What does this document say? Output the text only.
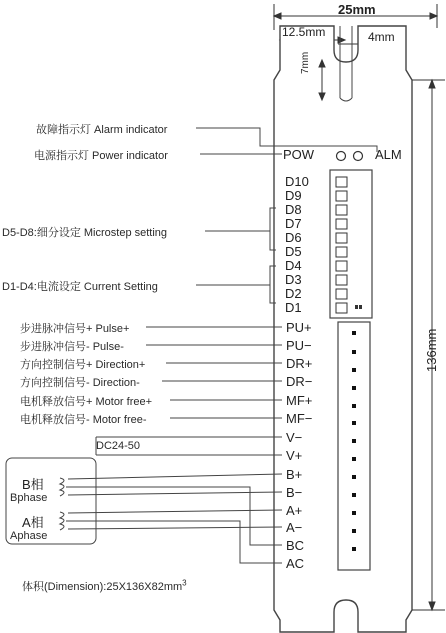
25mm
12.5mm	4mm
7mm
136mm
POW	ALM
故障指示灯 Alarm indicator
电源指示灯 Power indicator
D5-D8:细分设定 Microstep setting
D1-D4:电流设定 Current Setting
D10
D9
D8
D7
D6
D5
D4
D3
D2
D1
步进脉冲信号+ Pulse+
步进脉冲信号- Pulse-
方向控制信号+ Direction+
方向控制信号- Direction-
电机释放信号+ Motor free+
电机释放信号- Motor free-
PU+
PU−
DR+
DR−
MF+
MF−
DC24-50
V−
V+
B+
B−
A+
A−
BC
AC
B相
Bphase
A相
Aphase
体积$(Dimension):25X136X82mm^3$
